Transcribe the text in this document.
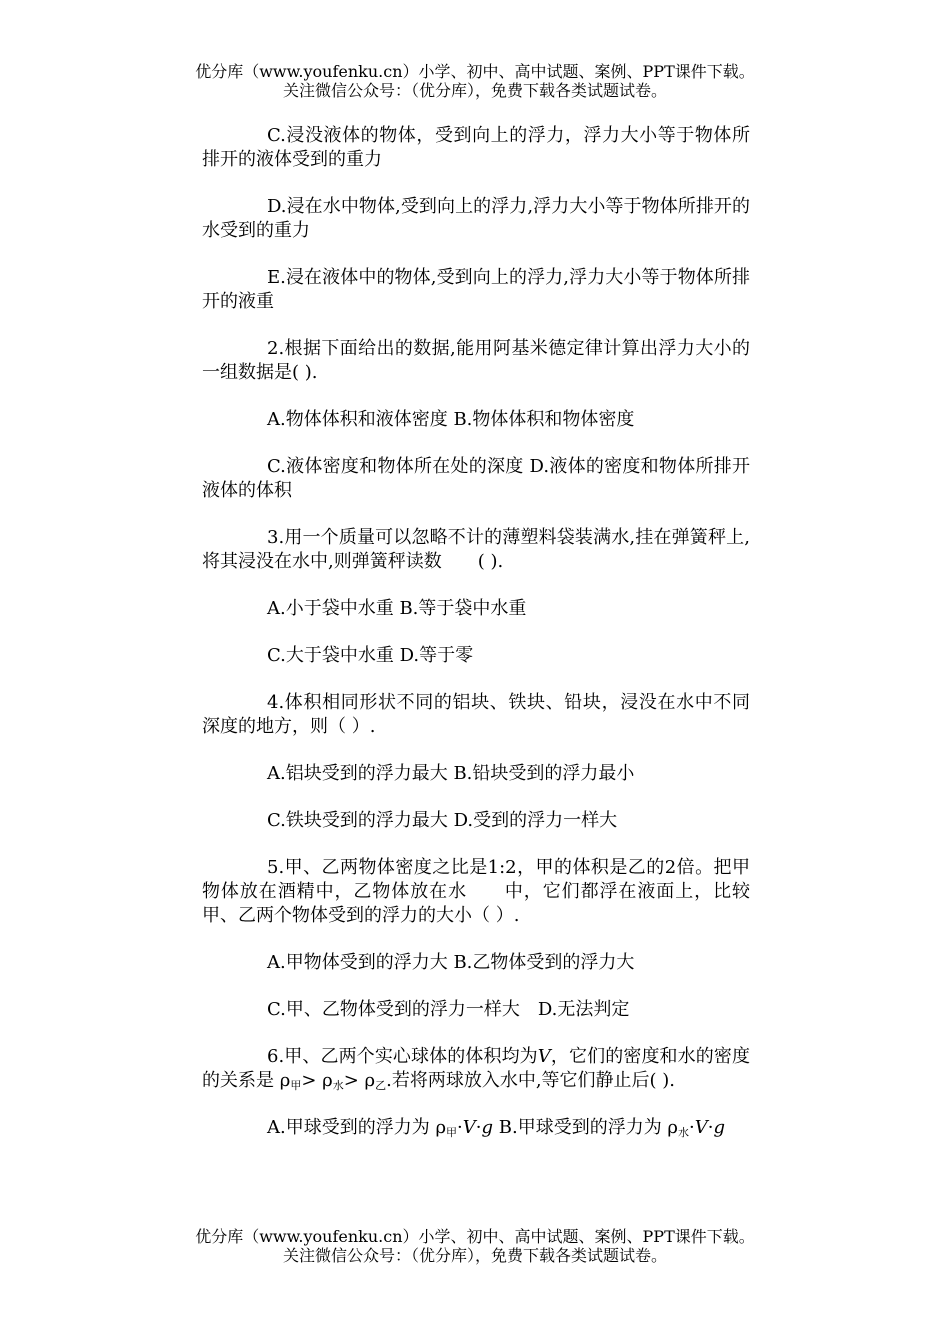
优分库（www.youfenku.cn）小学、初中、高中试题、案例、PPT课件下载。
关注微信公众号：（优分库），免费下载各类试题试卷。

C.浸没液体的物体，受到向上的浮力，浮力大小等于物体所排开的液体受到的重力

D.浸在水中物体,受到向上的浮力,浮力大小等于物体所排开的水受到的重力

E.浸在液体中的物体,受到向上的浮力,浮力大小等于物体所排开的液重

2.根据下面给出的数据,能用阿基米德定律计算出浮力大小的一组数据是( ).

A.物体体积和液体密度 B.物体体积和物体密度

C.液体密度和物体所在处的深度 D.液体的密度和物体所排开液体的体积

3.用一个质量可以忽略不计的薄塑料袋装满水,挂在弹簧秤上,将其浸没在水中,则弹簧秤读数　　( ).

A.小于袋中水重 B.等于袋中水重

C.大于袋中水重 D.等于零

4.体积相同形状不同的铝块、铁块、铅块，浸没在水中不同深度的地方，则（ ）.

A.铝块受到的浮力最大 B.铅块受到的浮力最小

C.铁块受到的浮力最大 D.受到的浮力一样大

5.甲、乙两物体密度之比是1:2，甲的体积是乙的2倍。把甲物体放在酒精中，乙物体放在水　　中，它们都浮在液面上，比较甲、乙两个物体受到的浮力的大小（ ）.

A.甲物体受到的浮力大 B.乙物体受到的浮力大

C.甲、乙物体受到的浮力一样大　D.无法判定

6.甲、乙两个实心球体的体积均为V，它们的密度和水的密度的关系是 $\rho_甲> \rho_水> \rho_乙$.若将两球放入水中,等它们静止后( ).

A.甲球受到的浮力为 $\rho_甲\cdot V\cdot g$ B.甲球受到的浮力为 $\rho_水\cdot V\cdot g$

优分库（www.youfenku.cn）小学、初中、高中试题、案例、PPT课件下载。
关注微信公众号：（优分库），免费下载各类试题试卷。
